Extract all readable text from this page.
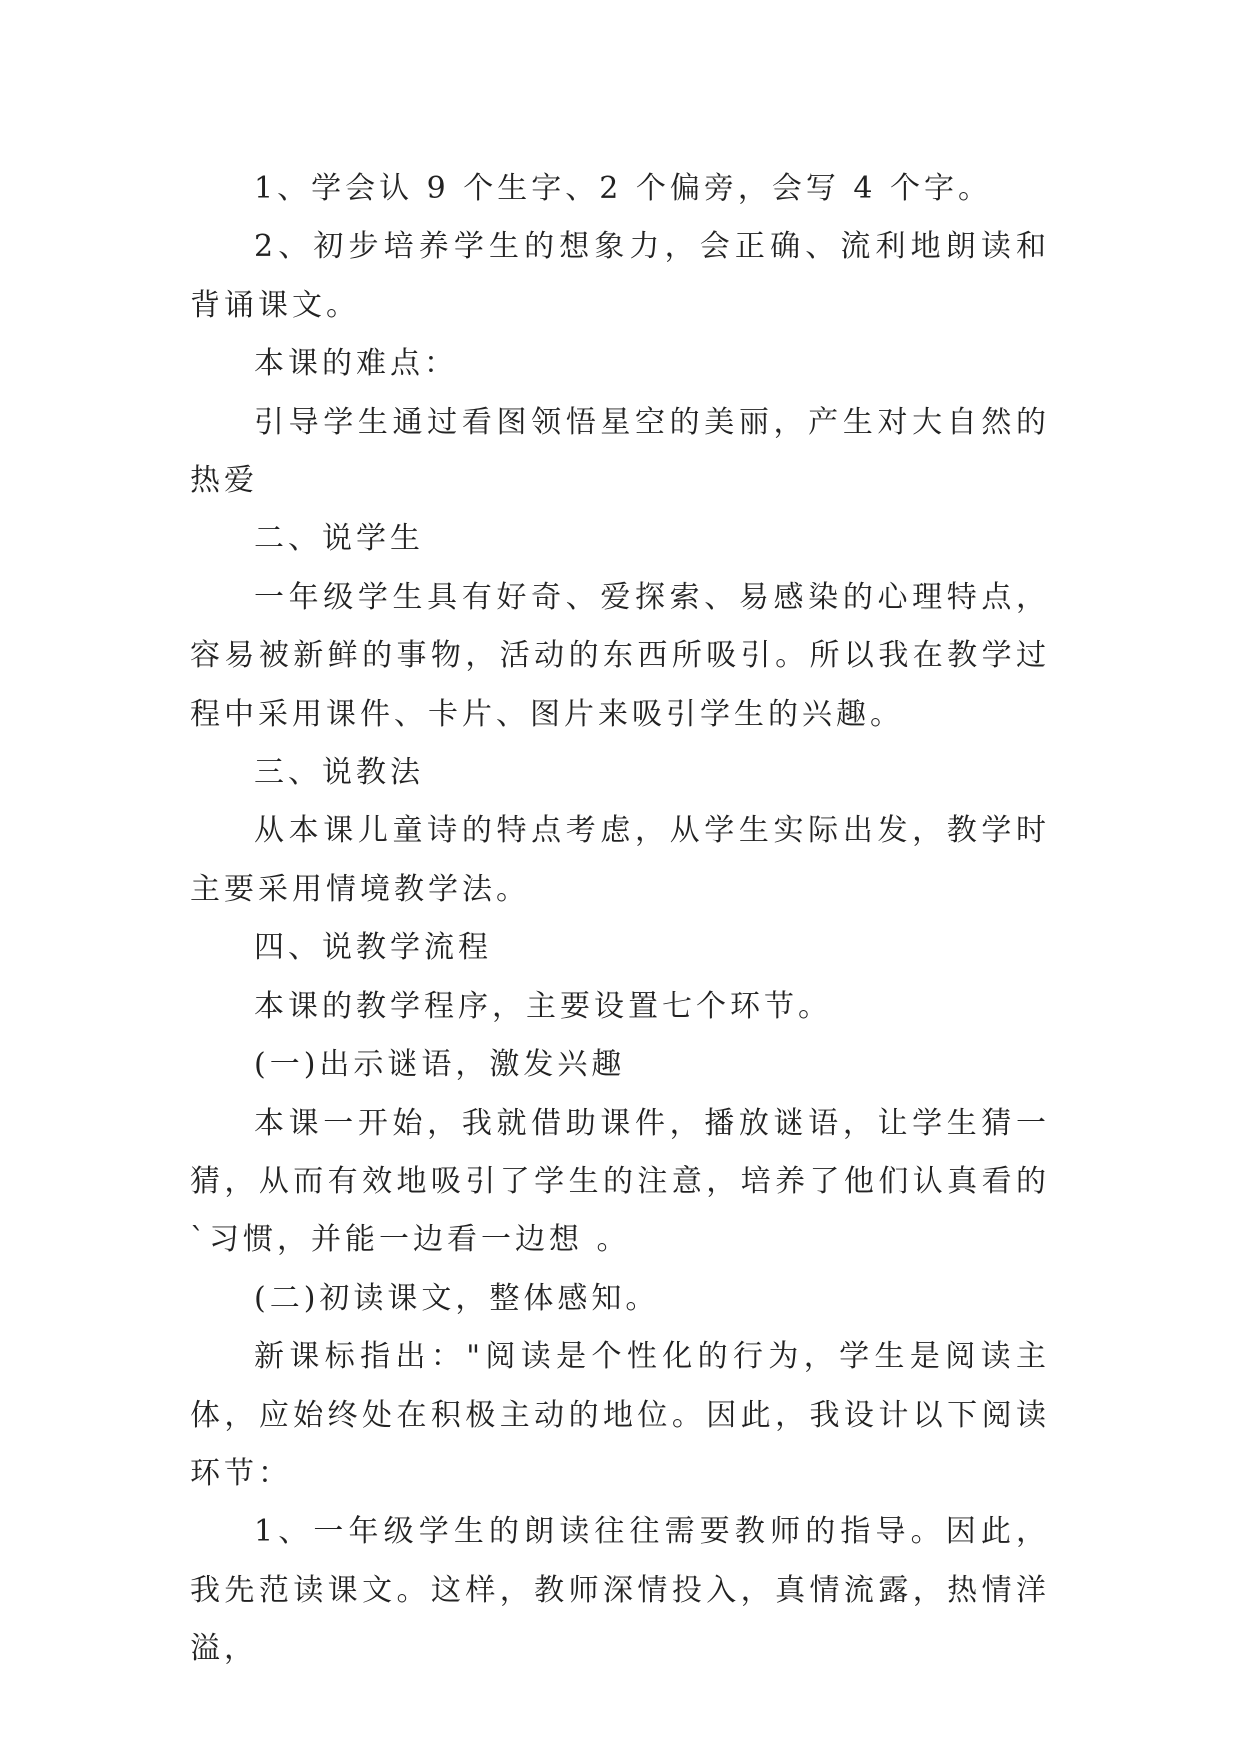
1、学会认 9 个生字、2 个偏旁，会写 4 个字。

2、初步培养学生的想象力，会正确、流利地朗读和背诵课文。

本课的难点：

引导学生通过看图领悟星空的美丽，产生对大自然的热爱

二、说学生

一年级学生具有好奇、爱探索、易感染的心理特点，容易被新鲜的事物，活动的东西所吸引。所以我在教学过程中采用课件、卡片、图片来吸引学生的兴趣。

三、说教法

从本课儿童诗的特点考虑，从学生实际出发，教学时主要采用情境教学法。

四、说教学流程

本课的教学程序，主要设置七个环节。

(一)出示谜语，激发兴趣

本课一开始，我就借助课件，播放谜语，让学生猜一猜，从而有效地吸引了学生的注意，培养了他们认真看的`习惯，并能一边看一边想 。

(二)初读课文，整体感知。

新课标指出："阅读是个性化的行为，学生是阅读主体，应始终处在积极主动的地位。因此，我设计以下阅读环节：

1、一年级学生的朗读往往需要教师的指导。因此，我先范读课文。这样，教师深情投入，真情流露，热情洋溢，
